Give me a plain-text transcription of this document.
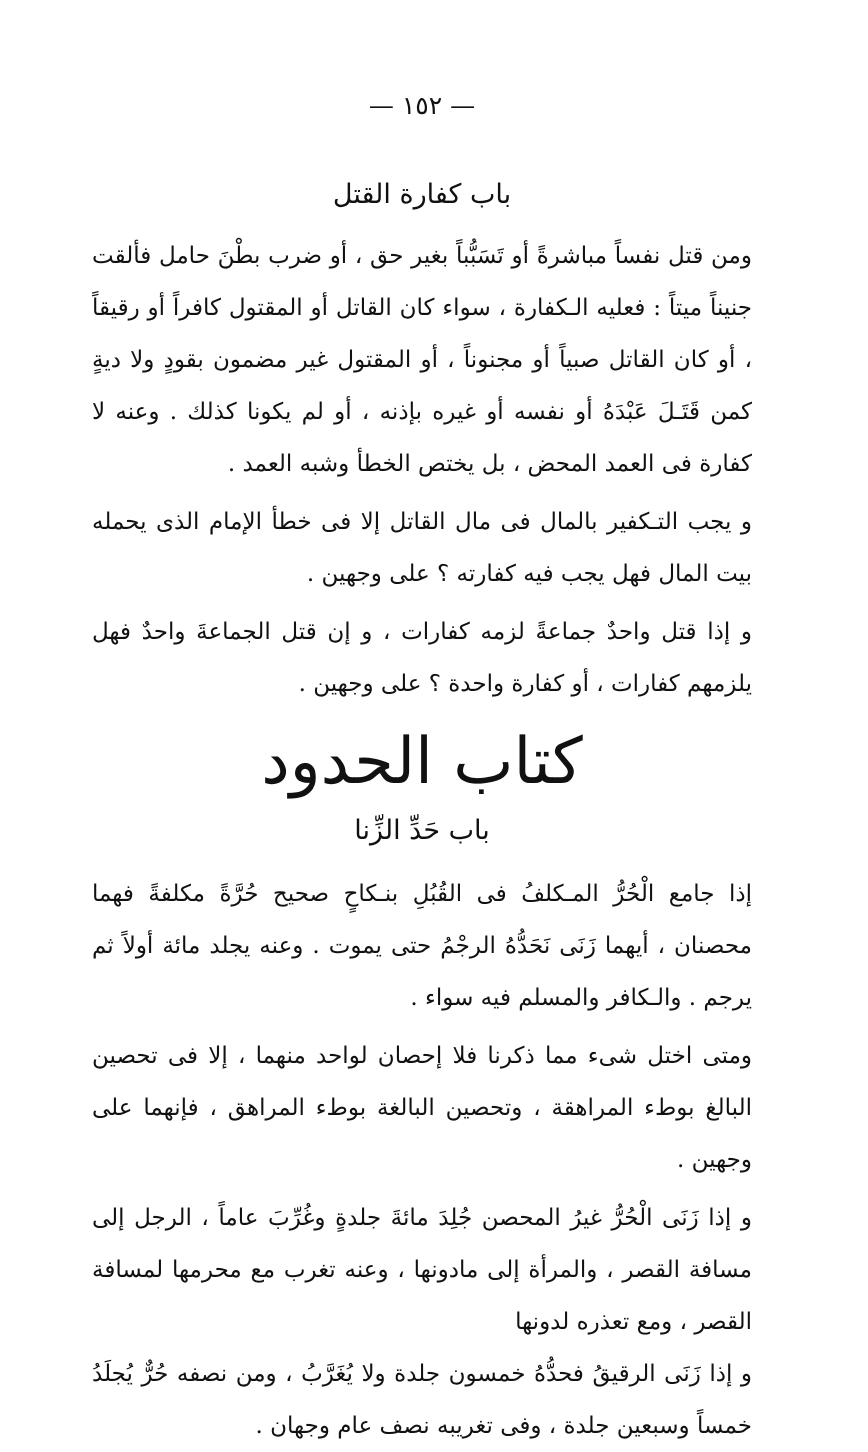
— ١٥٢ —
باب كفارة القتل

ومن قتل نفساً مباشرةً أو تَسَبُّباً بغير حق ، أو ضرب بطْنَ حامل فألقت جنيناً ميتاً : فعليه الـكفارة ، سواء كان القاتل أو المقتول كافراً أو رقيقاً ، أو كان القاتل صبياً أو مجنوناً ، أو المقتول غير مضمون بقودٍ ولا ديةٍ كمن قَتَـلَ عَبْدَهُ أو نفسه أو غيره بإذنه ، أو لم يكونا كذلك . وعنه لا كفارة فى العمد المحض ، بل يختص الخطأ وشبه العمد .

و يجب التـكفير بالمال فى مال القاتل إلا فى خطأ الإمام الذى يحمله بيت المال فهل يجب فيه كفارته ؟ على وجهين .

و إذا قتل واحدٌ جماعةً لزمه كفارات ، و إن قتل الجماعةَ واحدٌ فهل يلزمهم كفارات ، أو كفارة واحدة ؟ على وجهين .

كتاب الحدود
باب حَدِّ الزِّنا

إذا جامع الْحُرُّ المـكلفُ فى القُبُلِ بنـكاحٍ صحيح حُرَّةً مكلفةً فهما محصنان ، أيهما زَنَى نَحَدُّهُ الرجْمُ حتى يموت . وعنه يجلد مائة أولاً ثم يرجم . والـكافر والمسلم فيه سواء .

ومتى اختل شىء مما ذكرنا فلا إحصان لواحد منهما ، إلا فى تحصين البالغ بوطء المراهقة ، وتحصين البالغة بوطء المراهق ، فإنهما على وجهين .

و إذا زَنَى الْحُرُّ غيرُ المحصن جُلِدَ مائةَ جلدةٍ وغُرِّبَ عاماً ، الرجل إلى مسافة القصر ، والمرأة إلى مادونها ، وعنه تغرب مع محرمها لمسافة القصر ، ومع تعذره لدونها

و إذا زَنَى الرقيقُ فحدُّهُ خمسون جلدة ولا يُغَرَّبُ ، ومن نصفه حُرٌّ يُجلَدُ خمساً وسبعين جلدة ، وفى تغريبه نصف عام وجهان .
